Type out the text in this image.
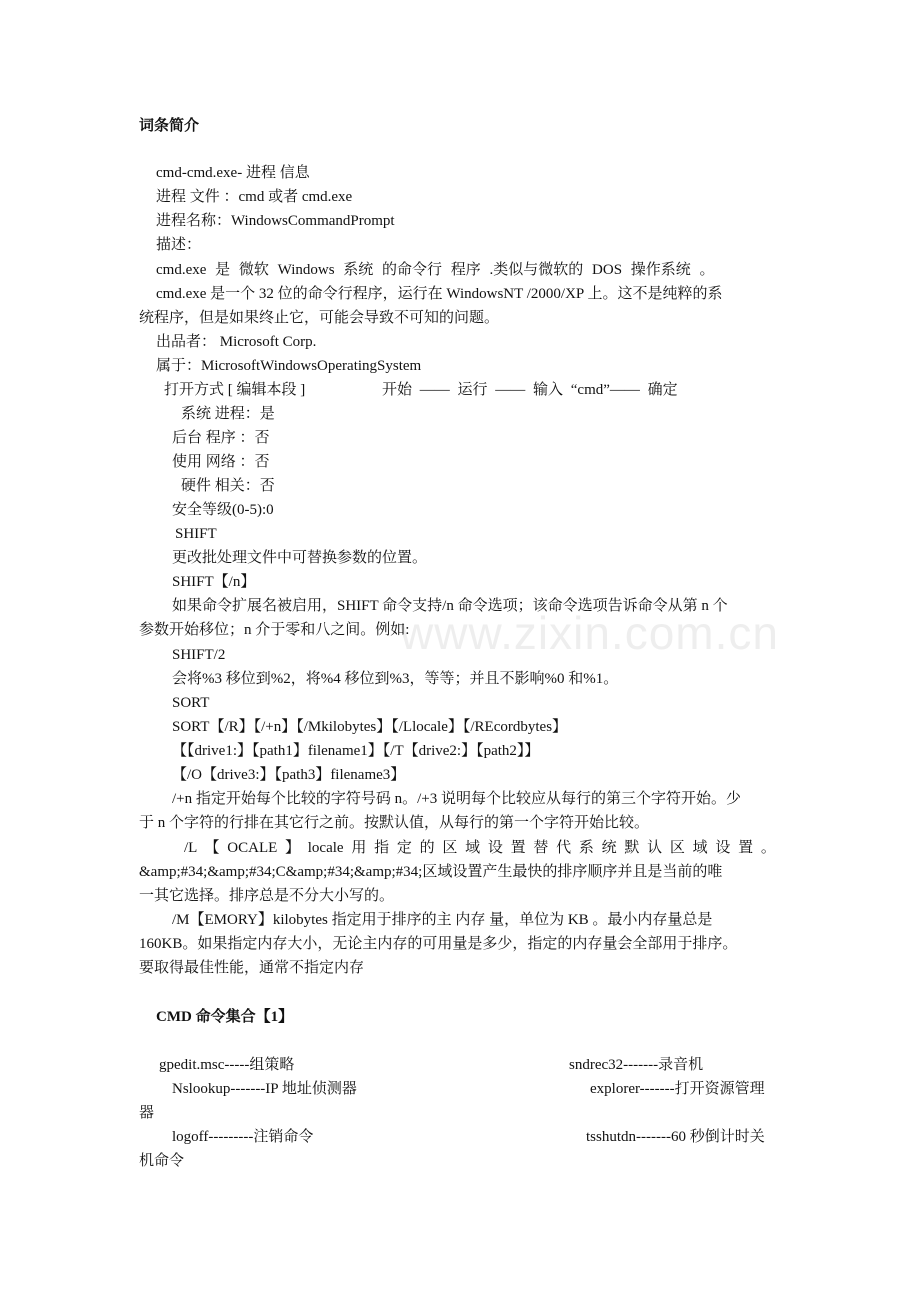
www.zixin.com.cn
词条简介
cmd-cmd.exe- 进程 信息
进程 文件 ：cmd 或者 cmd.exe
进程名称：WindowsCommandPrompt
描述：
cmd.exe 是 微软 Windows 系统 的命令行 程序 .类似与微软的 DOS 操作系统 。
cmd.exe 是一个 32 位的命令行程序，运行在 WindowsNT /2000/XP 上。这不是纯粹的系
统程序，但是如果终止它，可能会导致不可知的问题。
出品者： Microsoft Corp.
属于：MicrosoftWindowsOperatingSystem
打开方式 [ 编辑本段 ]	开始 —— 运行 —— 输入 “cmd”—— 确定
系统 进程：是
后台 程序 ：否
使用 网络 ：否
硬件 相关：否
安全等级(0-5):0
SHIFT
更改批处理文件中可替换参数的位置。
SHIFT【/n】
如果命令扩展名被启用，SHIFT 命令支持/n 命令选项；该命令选项告诉命令从第 n 个
参数开始移位；n 介于零和八之间。例如:
SHIFT/2
会将%3 移位到%2，将%4 移位到%3，等等；并且不影响%0 和%1。
SORT
SORT【/R】【/+n】【/Mkilobytes】【/Llocale】【/REcordbytes】
【【drive1:】【path1】filename1】【/T【drive2:】【path2】】
【/O【drive3:】【path3】filename3】
/+n 指定开始每个比较的字符号码 n。/+3 说明每个比较应从每行的第三个字符开始。少
于 n 个字符的行排在其它行之前。按默认值，从每行的第一个字符开始比较。
/L 【 OCALE 】 locale 用 指 定 的 区 域 设 置 替 代 系 统 默 认 区 域 设 置 。
&amp;#34;&amp;#34;C&amp;#34;&amp;#34;区域设置产生最快的排序顺序并且是当前的唯
一其它选择。排序总是不分大小写的。
/M【EMORY】kilobytes 指定用于排序的主 内存 量，单位为 KB 。最小内存量总是
160KB。如果指定内存大小，无论主内存的可用量是多少，指定的内存量会全部用于排序。
要取得最佳性能，通常不指定内存
CMD 命令集合【1】
gpedit.msc-----组策略	sndrec32-------录音机
Nslookup-------IP 地址侦测器	explorer-------打开资源管理
器
logoff---------注销命令	tsshutdn-------60 秒倒计时关
机命令
